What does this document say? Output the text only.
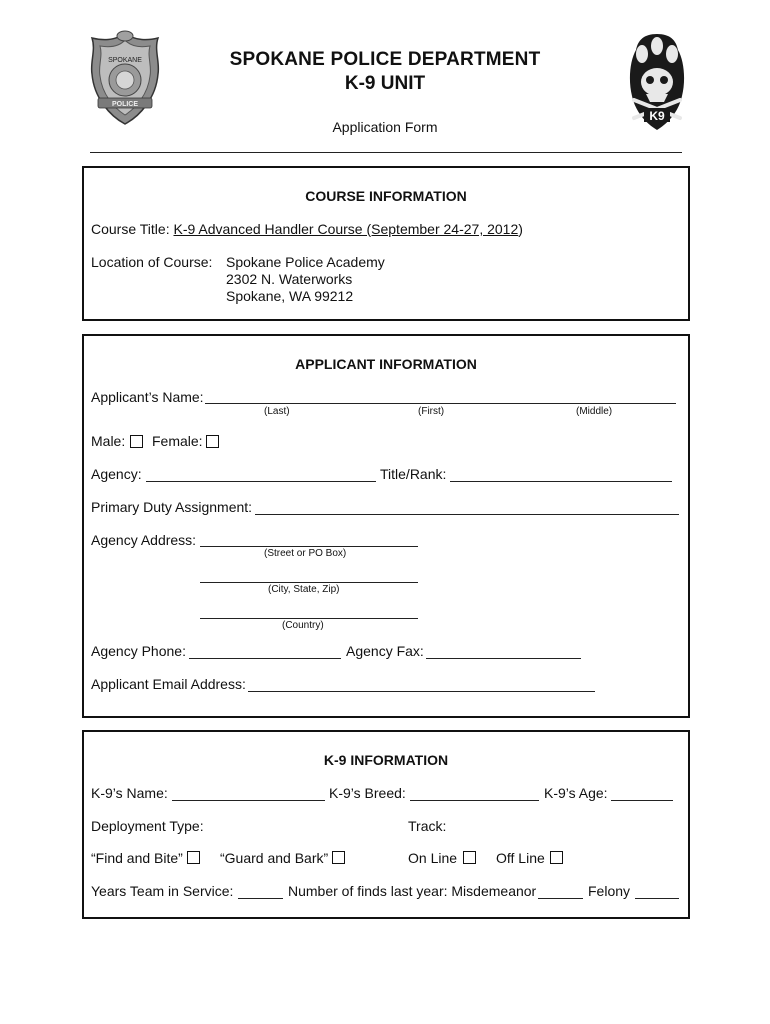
SPOKANE
POLICE
SPOKANE POLICE DEPARTMENT
K-9 UNIT
K9
Application Form
COURSE INFORMATION
Course Title: K-9 Advanced Handler Course (September 24-27, 2012)
Location of Course: Spokane Police Academy
2302 N. Waterworks
Spokane, WA 99212
APPLICANT INFORMATION
Applicant’s Name:
(Last)	(First)	(Middle)
Male: Female:
Agency:	Title/Rank:
Primary Duty Assignment:
Agency Address:
(Street or PO Box)
(City, State, Zip)
(Country)
Agency Phone:	Agency Fax:
Applicant Email Address:
K-9 INFORMATION
K-9’s Name:	K-9’s Breed:	K-9’s Age:
Deployment Type:	Track:
“Find and Bite”	“Guard and Bark”	On Line	Off Line
Years Team in Service:	Number of finds last year: Misdemeanor	Felony
